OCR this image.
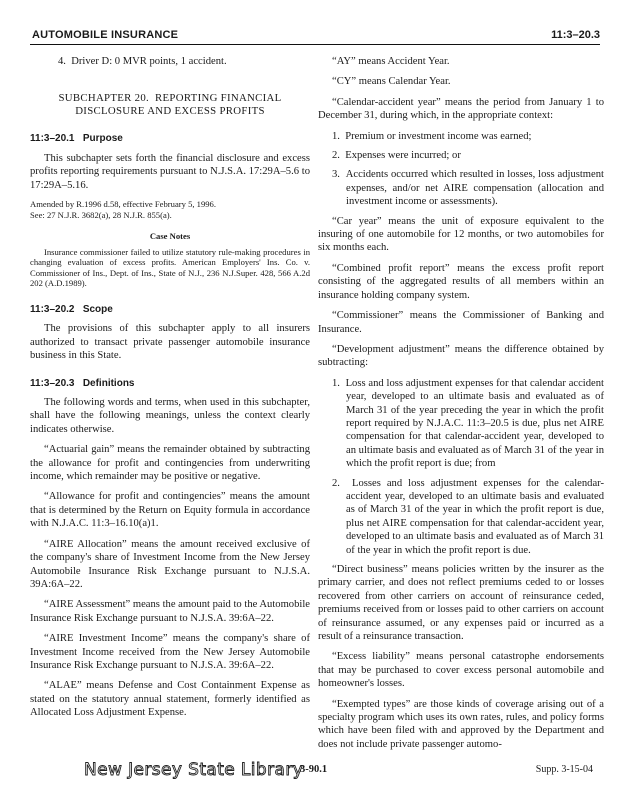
AUTOMOBILE INSURANCE	11:3–20.3

4.  Driver D: 0 MVR points, 1 accident.

SUBCHAPTER 20.  REPORTING FINANCIAL
DISCLOSURE AND EXCESS PROFITS
11:3–20.1   Purpose

This subchapter sets forth the financial disclosure and excess profits reporting requirements pursuant to N.J.S.A. 17:29A–5.6 to 17:29A–5.16.

Amended by R.1996 d.58, effective February 5, 1996.
See: 27 N.J.R. 3682(a), 28 N.J.R. 855(a).

Case Notes

Insurance commissioner failed to utilize statutory rule-making procedures in changing evaluation of excess profits. American Employers' Ins. Co. v. Commissioner of Ins., Dept. of Ins., State of N.J., 236 N.J.Super. 428, 566 A.2d 202 (A.D.1989).

11:3–20.2   Scope

The provisions of this subchapter apply to all insurers authorized to transact private passenger automobile insurance business in this State.

11:3–20.3   Definitions

The following words and terms, when used in this subchapter, shall have the following meanings, unless the context clearly indicates otherwise.

“Actuarial gain” means the remainder obtained by subtracting the allowance for profit and contingencies from underwriting income, which remainder may be positive or negative.

“Allowance for profit and contingencies” means the amount that is determined by the Return on Equity formula in accordance with N.J.A.C. 11:3–16.10(a)1.

“AIRE Allocation” means the amount received exclusive of the company's share of Investment Income from the New Jersey Automobile Insurance Risk Exchange pursuant to N.J.S.A. 39A:6A–22.

“AIRE Assessment” means the amount paid to the Automobile Insurance Risk Exchange pursuant to N.J.S.A. 39:6A–22.

“AIRE Investment Income” means the company's share of Investment Income received from the New Jersey Automobile Insurance Risk Exchange pursuant to N.J.S.A. 39:6A–22.

“ALAE” means Defense and Cost Containment Expense as stated on the statutory annual statement, formerly identified as Allocated Loss Adjustment Expense.

“AY” means Accident Year.

“CY” means Calendar Year.

“Calendar-accident year” means the period from January 1 to December 31, during which, in the appropriate context:

1.  Premium or investment income was earned;

2.  Expenses were incurred; or

3.  Accidents occurred which resulted in losses, loss adjustment expenses, and/or net AIRE compensation (allocation and investment income or assessments).

“Car year” means the unit of exposure equivalent to the insuring of one automobile for 12 months, or two automobiles for six months each.

“Combined profit report” means the excess profit report consisting of the aggregated results of all members within an insurance holding company system.

“Commissioner” means the Commissioner of Banking and Insurance.

“Development adjustment” means the difference obtained by subtracting:

1.  Loss and loss adjustment expenses for that calendar accident year, developed to an ultimate basis and evaluated as of March 31 of the year preceding the year in which the profit report required by N.J.A.C. 11:3–20.5 is due, plus net AIRE compensation for that calendar-accident year, developed to an ultimate basis and evaluated as of March 31 of the year in which the profit report is due; from

2.  Losses and loss adjustment expenses for the calendar-accident year, developed to an ultimate basis and evaluated as of March 31 of the year in which the profit report is due, plus net AIRE compensation for that calendar-accident year, developed to an ultimate basis and evaluated as of March 31 of the year in which the profit report is due.

“Direct business” means policies written by the insurer as the primary carrier, and does not reflect premiums ceded to or losses recovered from other carriers on account of reinsurance ceded, premiums received from or losses paid to other carriers on account of reinsurance assumed, or any expenses paid or incurred as a result of a reinsurance transaction.

“Excess liability” means personal catastrophe endorsements that may be purchased to cover excess personal automobile and homeowner's losses.

“Exempted types” are those kinds of coverage arising out of a specialty program which uses its own rates, rules, and policy forms which have been filed with and approved by the Department and does not include private passenger automo-

New Jersey State Library
3-90.1	Supp. 3-15-04
